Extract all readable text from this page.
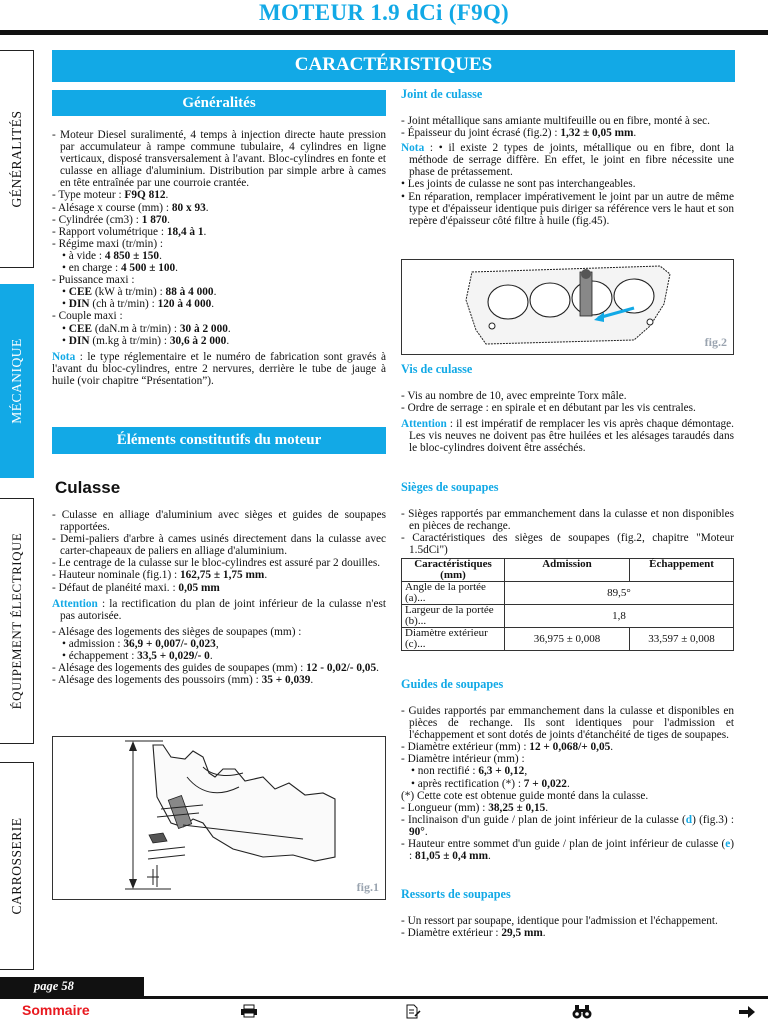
MOTEUR 1.9 dCi (F9Q)
GÉNÉRALITÉS
MÉCANIQUE
ÉQUIPEMENT ÉLECTRIQUE
CARROSSERIE
CARACTÉRISTIQUES
Généralités

- Moteur Diesel suralimenté, 4 temps à injection directe haute pression par accumulateur à rampe commune tubulaire, 4 cylindres en ligne verticaux, disposé transversalement à l'avant. Bloc-cylindres en fonte et culasse en alliage d'aluminium. Distribution par simple arbre à cames en tête entraînée par une courroie crantée.

- Type moteur : F9Q 812.

- Alésage x course (mm) : 80 x 93.

- Cylindrée (cm3) : 1 870.

- Rapport volumétrique : 18,4 à 1.

- Régime maxi (tr/min) :

• à vide : 4 850 ± 150.

• en charge : 4 500 ± 100.

- Puissance maxi :

• CEE (kW à tr/min) : 88 à 4 000.

• DIN (ch à tr/min) : 120 à 4 000.

- Couple maxi :

• CEE (daN.m à tr/min) : 30 à 2 000.

• DIN (m.kg à tr/min) : 30,6 à 2 000.

Nota : le type réglementaire et le numéro de fabrication sont gravés à l'avant du bloc-cylindres, entre 2 nervures, derrière le tube de jauge à huile (voir chapitre “Présentation”).

Éléments constitutifs du moteur
Culasse

- Culasse en alliage d'aluminium avec sièges et guides de soupapes rapportées.

- Demi-paliers d'arbre à cames usinés directement dans la culasse avec carter-chapeaux de paliers en alliage d'aluminium.

- Le centrage de la culasse sur le bloc-cylindres est assuré par 2 douilles.

- Hauteur nominale (fig.1) : 162,75 ± 1,75 mm.

- Défaut de planéité maxi. : 0,05 mm

Attention : la rectification du plan de joint inférieur de la culasse n'est pas autorisée.

- Alésage des logements des sièges de soupapes (mm) :

• admission : 36,9 + 0,007/- 0,023,

• échappement : 33,5 + 0,029/- 0.

- Alésage des logements des guides de soupapes (mm) : 12 - 0,02/- 0,05.

- Alésage des logements des poussoirs (mm) : 35 + 0,039.

fig.1
Joint de culasse

- Joint métallique sans amiante multifeuille ou en fibre, monté à sec.

- Épaisseur du joint écrasé (fig.2) : 1,32 ± 0,05 mm.

Nota : • il existe 2 types de joints, métallique ou en fibre, dont la méthode de serrage diffère. En effet, le joint en fibre nécessite une phase de prétassement.

• Les joints de culasse ne sont pas interchangeables.

• En réparation, remplacer impérativement le joint par un autre de même type et d'épaisseur identique puis diriger sa référence vers le haut et son repère d'épaisseur côté filtre à huile (fig.45).

fig.2
Vis de culasse

- Vis au nombre de 10, avec empreinte Torx mâle.

- Ordre de serrage : en spirale et en débutant par les vis centrales.

Attention : il est impératif de remplacer les vis après chaque démontage. Les vis neuves ne doivent pas être huilées et les alésages taraudés dans le bloc-cylindres doivent être asséchés.

Sièges de soupapes

- Sièges rapportés par emmanchement dans la culasse et non disponibles en pièces de rechange.

- Caractéristiques des sièges de soupapes (fig.2, chapitre "Moteur 1.5dCi")

Caractéristiques (mm)	Admission	Échappement
Angle de la portée (a)...	89,5°	
Largeur de la portée (b)...	1,8	
Diamètre extérieur (c)...	36,975 ± 0,008	33,597 ± 0,008
Guides de soupapes

- Guides rapportés par emmanchement dans la culasse et disponibles en pièces de rechange. Ils sont identiques pour l'admission et l'échappement et sont dotés de joints d'étanchéité de tiges de soupapes.

- Diamètre extérieur (mm) : 12 + 0,068/+ 0,05.

- Diamètre intérieur (mm) :

• non rectifié : 6,3 + 0,12,

• après rectification (*) : 7 + 0,022.

(*) Cette cote est obtenue guide monté dans la culasse.

- Longueur (mm) : 38,25 ± 0,15.

- Inclinaison d'un guide / plan de joint inférieur de la culasse (d) (fig.3) : 90°.

- Hauteur entre sommet d'un guide / plan de joint inférieur de culasse (e) : 81,05 ± 0,4 mm.

Ressorts de soupapes

- Un ressort par soupape, identique pour l'admission et l'échappement.

- Diamètre extérieur : 29,5 mm.

page 58
Sommaire
